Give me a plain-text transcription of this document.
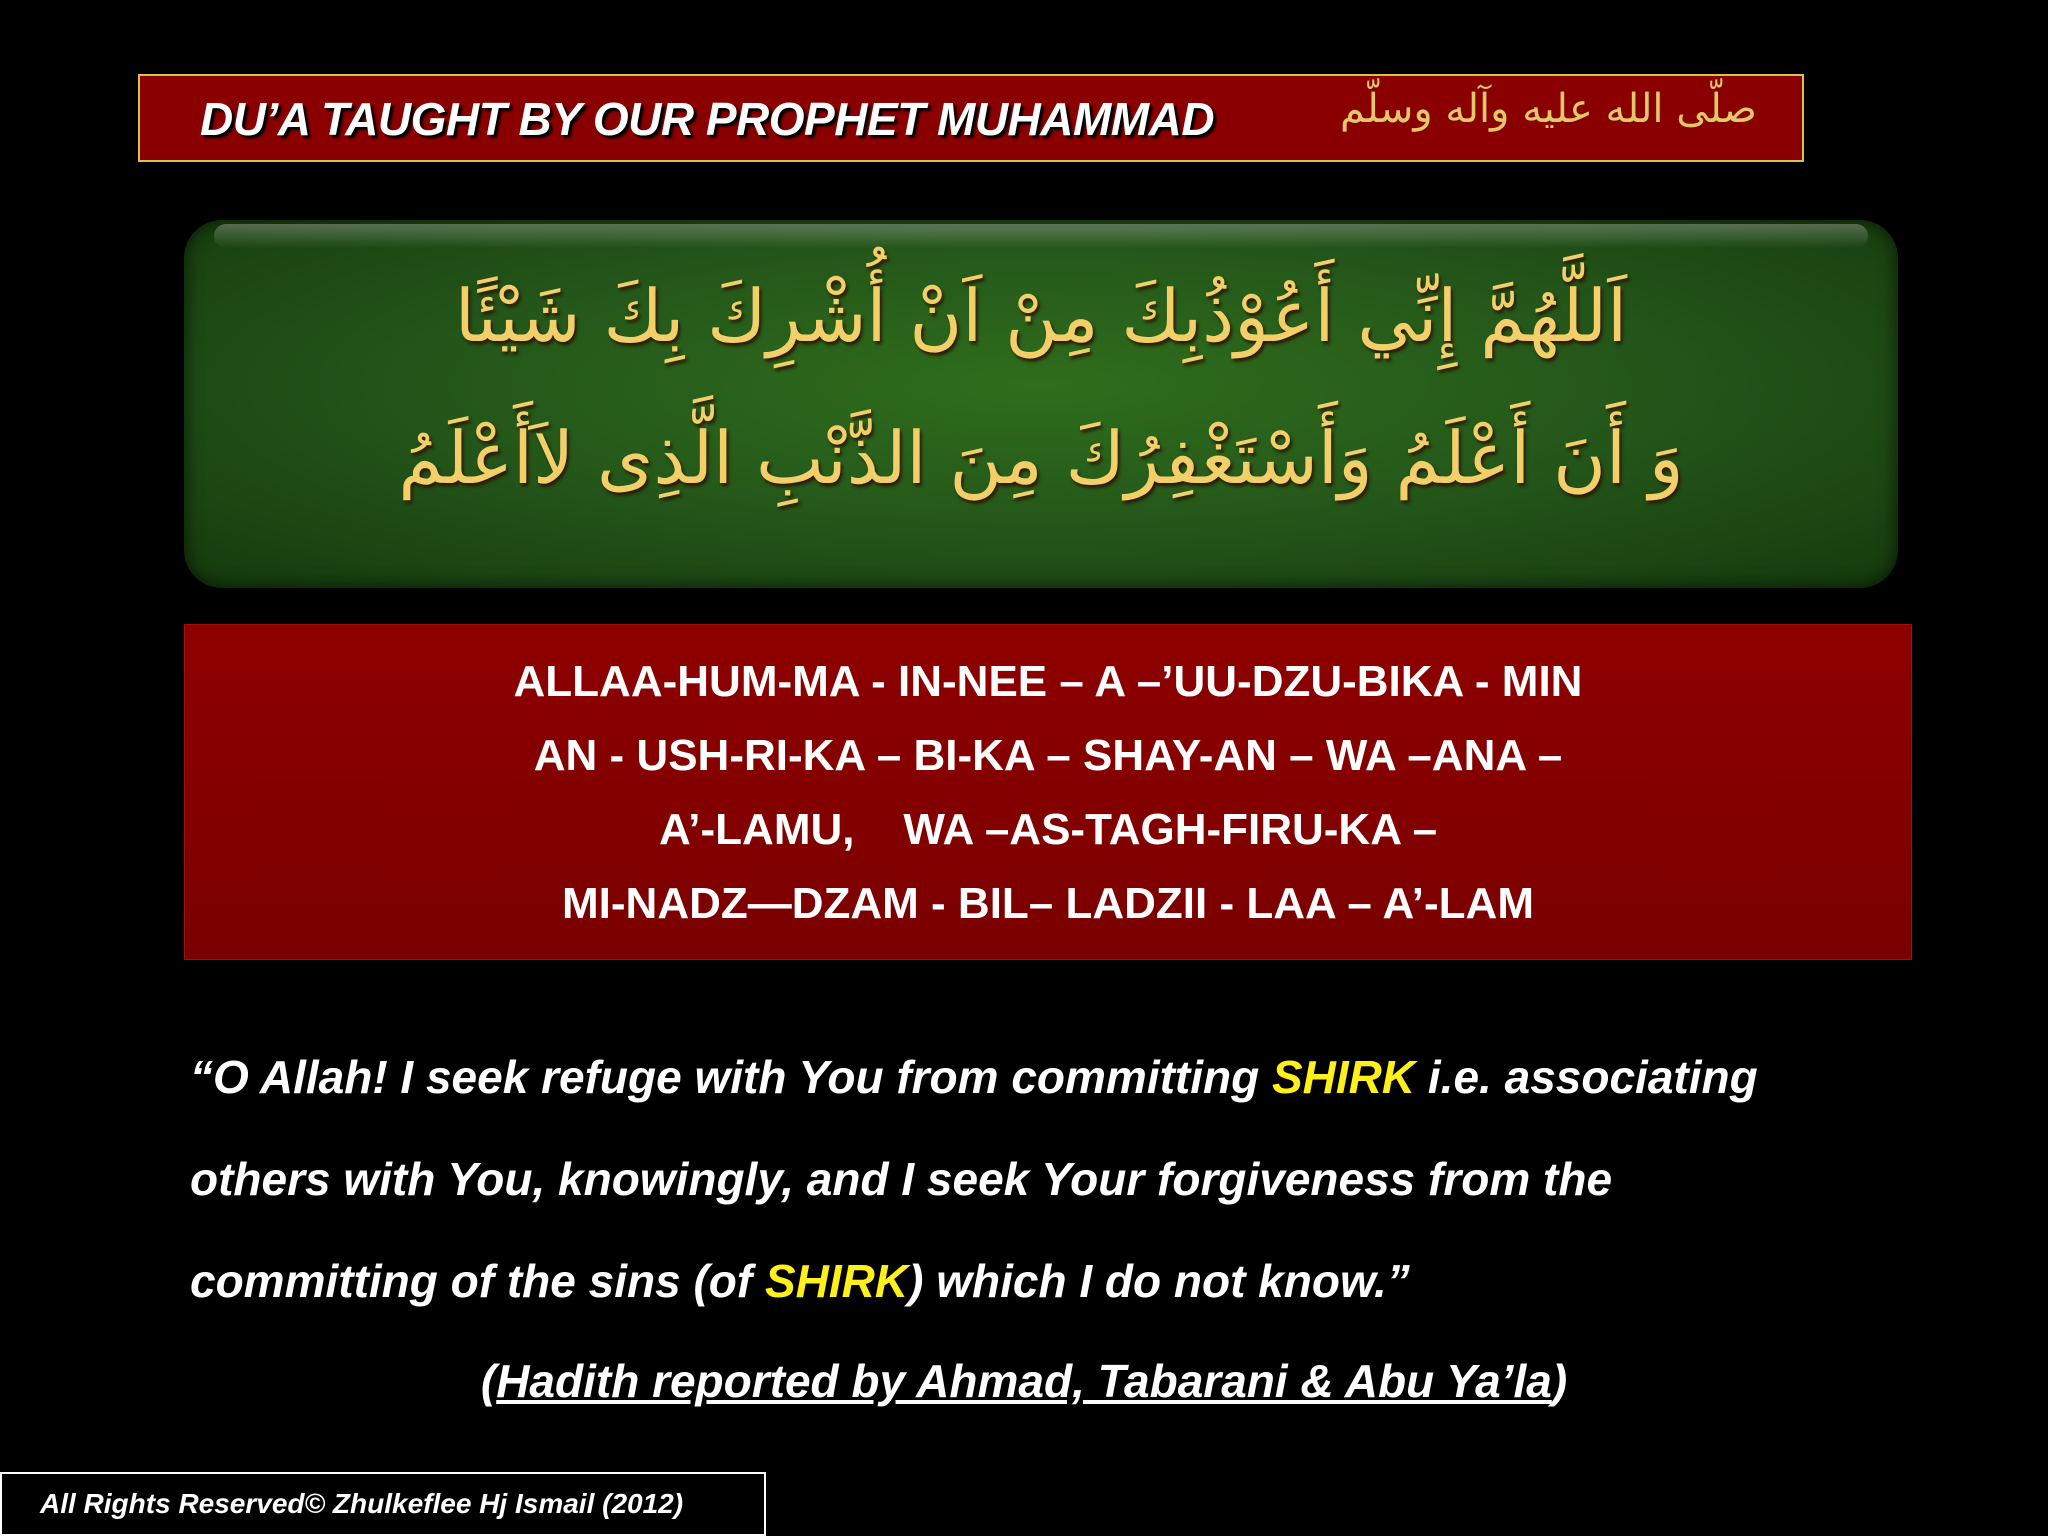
DU’A TAUGHT BY OUR PROPHET MUHAMMAD	صلّى الله عليه وآله وسلّم
اَللَّهُمَّ إِنِّي أَعُوْذُبِكَ مِنْ اَنْ أُشْرِكَ بِكَ شَيْئًا
وَ أَنَ أَعْلَمُ وَأَسْتَغْفِرُكَ مِنَ الذَّنْبِ الَّذِى لاَأَعْلَمُ
ALLAA-HUM-MA - IN-NEE – A –’UU-DZU-BIKA - MIN
AN - USH-RI-KA – BI-KA – SHAY-AN – WA –ANA –
A’-LAMU,    WA –AS-TAGH-FIRU-KA –
MI-NADZ—DZAM - BIL– LADZII - LAA – A’-LAM
“O Allah! I seek refuge with You from committing SHIRK i.e. associating
others with You, knowingly, and I seek Your forgiveness from the
committing of the sins (of SHIRK) which I do not know.”
(Hadith reported by Ahmad, Tabarani & Abu Ya’la)
All Rights Reserved© Zhulkeflee Hj Ismail (2012)
